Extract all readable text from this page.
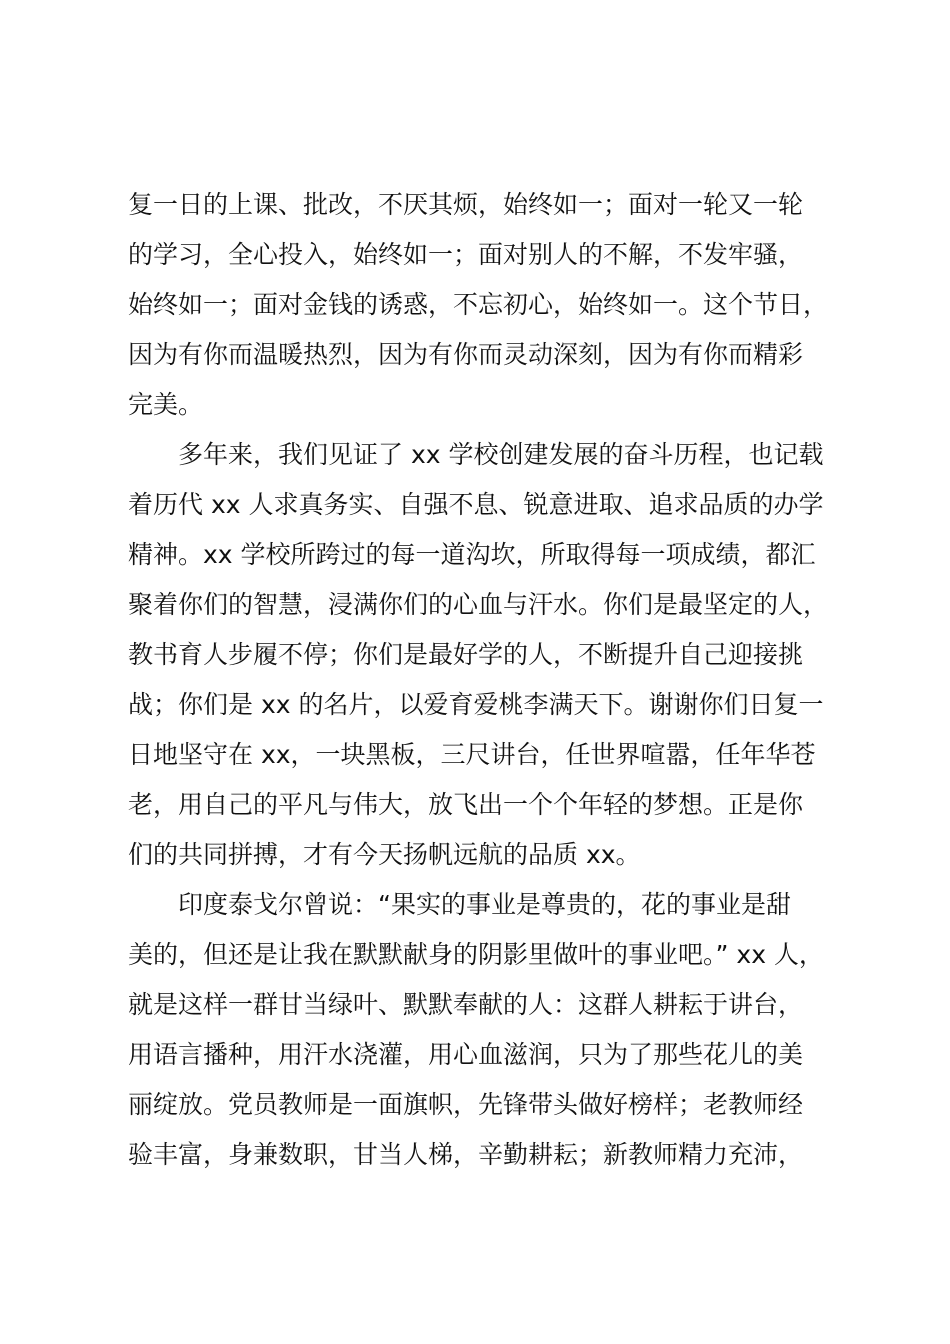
复一日的上课、批改，不厌其烦，始终如一；面对一轮又一轮
的学习，全心投入，始终如一；面对别人的不解，不发牢骚，
始终如一；面对金钱的诱惑，不忘初心，始终如一。这个节日，
因为有你而温暖热烈，因为有你而灵动深刻，因为有你而精彩
完美。
多年来，我们见证了 xx 学校创建发展的奋斗历程，也记载
着历代 xx 人求真务实、自强不息、锐意进取、追求品质的办学
精神。xx 学校所跨过的每一道沟坎，所取得每一项成绩，都汇
聚着你们的智慧，浸满你们的心血与汗水。你们是最坚定的人，
教书育人步履不停；你们是最好学的人，不断提升自己迎接挑
战；你们是 xx 的名片，以爱育爱桃李满天下。谢谢你们日复一
日地坚守在 xx，一块黑板，三尺讲台，任世界喧嚣，任年华苍
老，用自己的平凡与伟大，放飞出一个个年轻的梦想。正是你
们的共同拼搏，才有今天扬帆远航的品质 xx。
印度泰戈尔曾说：“果实的事业是尊贵的，花的事业是甜
美的，但还是让我在默默献身的阴影里做叶的事业吧。” xx 人，
就是这样一群甘当绿叶、默默奉献的人：这群人耕耘于讲台，
用语言播种，用汗水浇灌，用心血滋润，只为了那些花儿的美
丽绽放。党员教师是一面旗帜，先锋带头做好榜样；老教师经
验丰富，身兼数职，甘当人梯，辛勤耕耘；新教师精力充沛，
